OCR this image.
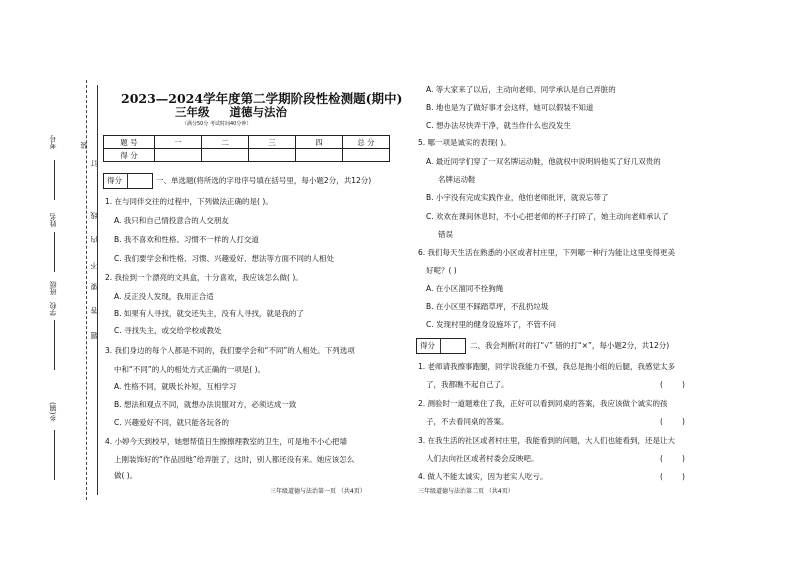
考号
姓名
班级
学校
乡(镇)
装
订
线
内
不
要
答
题
2023—2024学年度第二学期阶段性检测题(期中)
三年级     道德与法治
（满分50分 考试时间40分钟）
题 号	一	二	三	四	总 分
得 分					
得分	一、单选题(将所选的字母序号填在括号里，每小题2分，共12分)
1. 在与同伴交往的过程中，下列做法正确的是( )。
A. 我只和自己情投意合的人交朋友
B. 我不喜欢和性格、习惯不一样的人打交道
C. 我们要学会和性格、习惯、兴趣爱好、想法等方面不同的人相处
2. 我捡到一个漂亮的文具盒，十分喜欢，我应该怎么做( )。
A. 反正没人发现，我用正合适
B. 如果有人寻找，就交还失主，没有人寻找，就是我的了
C. 寻找失主，或交给学校或教处
3. 我们身边的每个人都是不同的，我们要学会和“不同”的人相处。下列选项
中和“不同”的人的相处方式正确的一项是( )。
A. 性格不同，就吸长补短，互相学习
B. 想法和观点不同，就想办法说服对方，必须达成一致
C. 兴趣爱好不同，就只能各玩各的
4. 小婷今天到校早，她想帮值日生擦擦理教室的卫生，可是地不小心把墙
上刚装饰好的“作品园地”给弄脏了，这时，别人都还没有来。她应该怎么
做( )。
三年级道德与法治第一页 （共4页）
A. 等大家来了以后，主动向老师、同学承认是自己弄脏的
B. 地也是为了做好事才会这样，她可以假装不知道
C. 想办法尽快弄干净，就当作什么也没发生
5. 哪一项是诚实的表现( )。
A. 最近同学们穿了一双名牌运动鞋，他就权中说明妈他买了好几双贵的
名牌运动鞋
B. 小宇没有完成实践作业，他怕老师批评，就说忘带了
C. 欢欢在课间休息时，不小心把老师的杯子打碎了，她主动向老师承认了
错误
6. 我们每天生活在熟悉的小区或者村庄里，下列哪一种行为能让这里变得更美
好呢？( )
A. 在小区溜同不拴狗绳
B. 在小区里不踩踏草坪，不乱扔垃圾
C. 发现村里的健身设施坏了，不管不问
得分	二、我会判断(对的打“√” 错的打“×”，每小题2分，共12分)
1. 老师请我擦事跑腿，同学说我能力不强，我总是拖小组的后腿，我感觉太多
了，我都瞧不起自己了。	(        )
2. 测验时一道题难住了我，正好可以看到同桌的答案，我应该做个诚实的孩
子，不去看同桌的答案。	(        )
3. 在我生活的社区或者村庄里，我能看到的问题，大人们也能看到，还是让大
人们去向社区或者村委会反映吧。	(        )
4. 做人不能太诚实，因为老实人吃亏。	(        )
三年级道德与法治第二页 （共4页）
